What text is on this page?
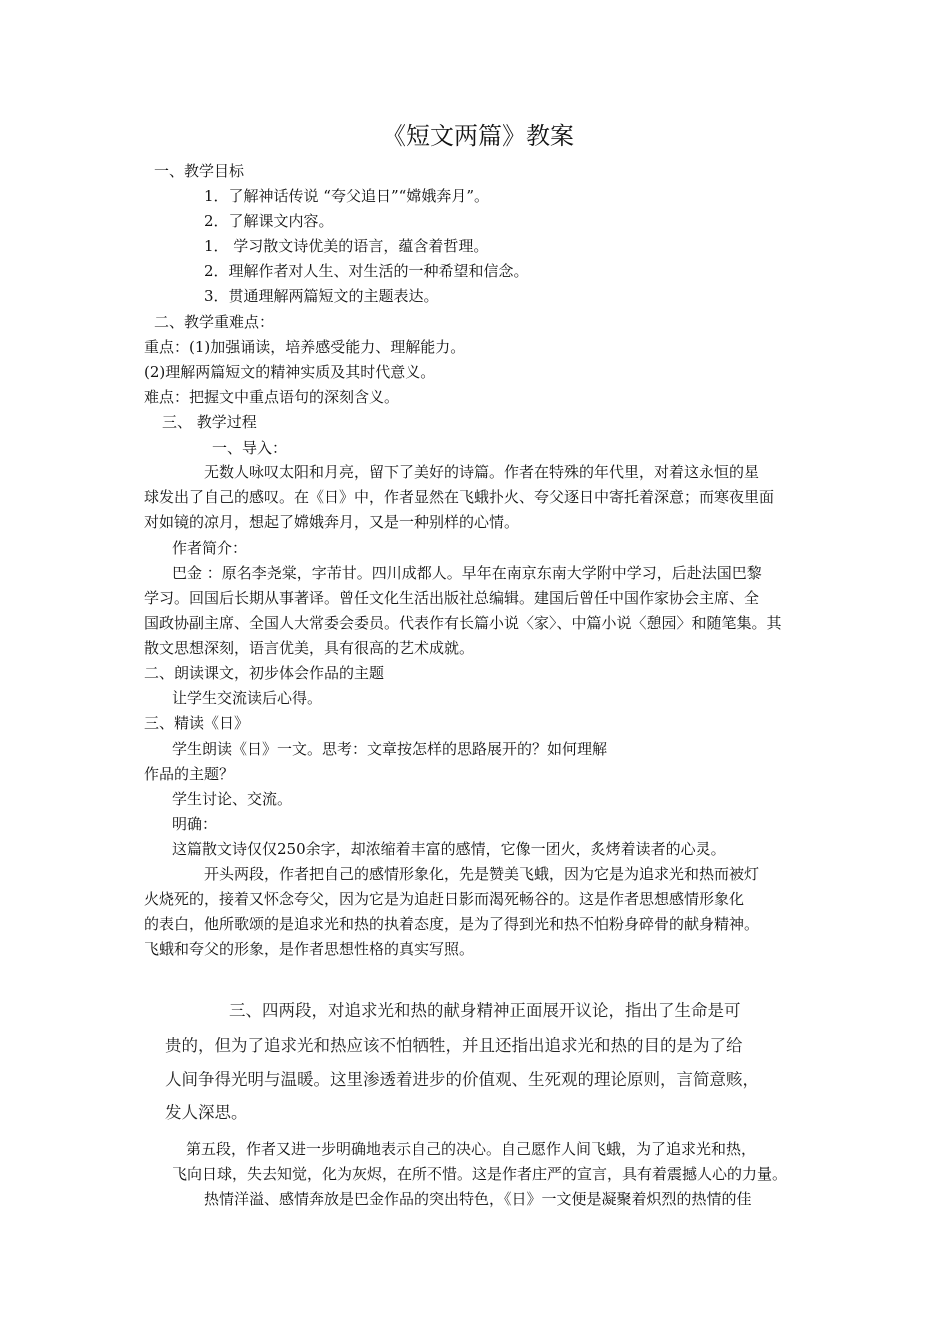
《短文两篇》教案
一、教学目标
1．了解神话传说 “夸父追日”“嫦娥奔月”。
2．了解课文内容。
1． 学习散文诗优美的语言，蕴含着哲理。
2．理解作者对人生、对生活的一种希望和信念。
3．贯通理解两篇短文的主题表达。
二、教学重难点：
重点：(1)加强诵读，培养感受能力、理解能力。
(2)理解两篇短文的精神实质及其时代意义。
难点：把握文中重点语句的深刻含义。
三、 教学过程
一、导入：
无数人咏叹太阳和月亮，留下了美好的诗篇。作者在特殊的年代里，对着这永恒的星
球发出了自己的感叹。在《日》中，作者显然在飞蛾扑火、夸父逐日中寄托着深意；而寒夜里面
对如镜的凉月，想起了嫦娥奔月，又是一种别样的心情。
作者简介：
巴金 ：原名李尧棠，字芾甘。四川成都人。早年在南京东南大学附中学习，后赴法国巴黎
学习。回国后长期从事著译。曾任文化生活出版社总编辑。建国后曾任中国作家协会主席、全
国政协副主席、全国人大常委会委员。代表作有长篇小说〈家〉、中篇小说〈憩园〉和随笔集。其
散文思想深刻，语言优美，具有很高的艺术成就。
二、朗读课文，初步体会作品的主题
让学生交流读后心得。
三、精读《日》
学生朗读《日》一文。思考：文章按怎样的思路展开的？如何理解
作品的主题？
学生讨论、交流。
明确：
这篇散文诗仅仅250余字，却浓缩着丰富的感情，它像一团火，炙烤着读者的心灵。
开头两段，作者把自己的感情形象化，先是赞美飞蛾，因为它是为追求光和热而被灯
火烧死的，接着又怀念夸父，因为它是为追赶日影而渴死畅谷的。这是作者思想感情形象化
的表白，他所歌颂的是追求光和热的执着态度，是为了得到光和热不怕粉身碎骨的献身精神。
飞蛾和夸父的形象，是作者思想性格的真实写照。
三、四两段，对追求光和热的献身精神正面展开议论，指出了生命是可
贵的，但为了追求光和热应该不怕牺牲，并且还指出追求光和热的目的是为了给
人间争得光明与温暖。这里渗透着进步的价值观、生死观的理论原则，言简意赅，
发人深思。
第五段，作者又进一步明确地表示自己的决心。自己愿作人间飞蛾，为了追求光和热，
飞向日球，失去知觉，化为灰烬，在所不惜。这是作者庄严的宣言，具有着震撼人心的力量。
热情洋溢、感情奔放是巴金作品的突出特色，《日》一文便是凝聚着炽烈的热情的佳
